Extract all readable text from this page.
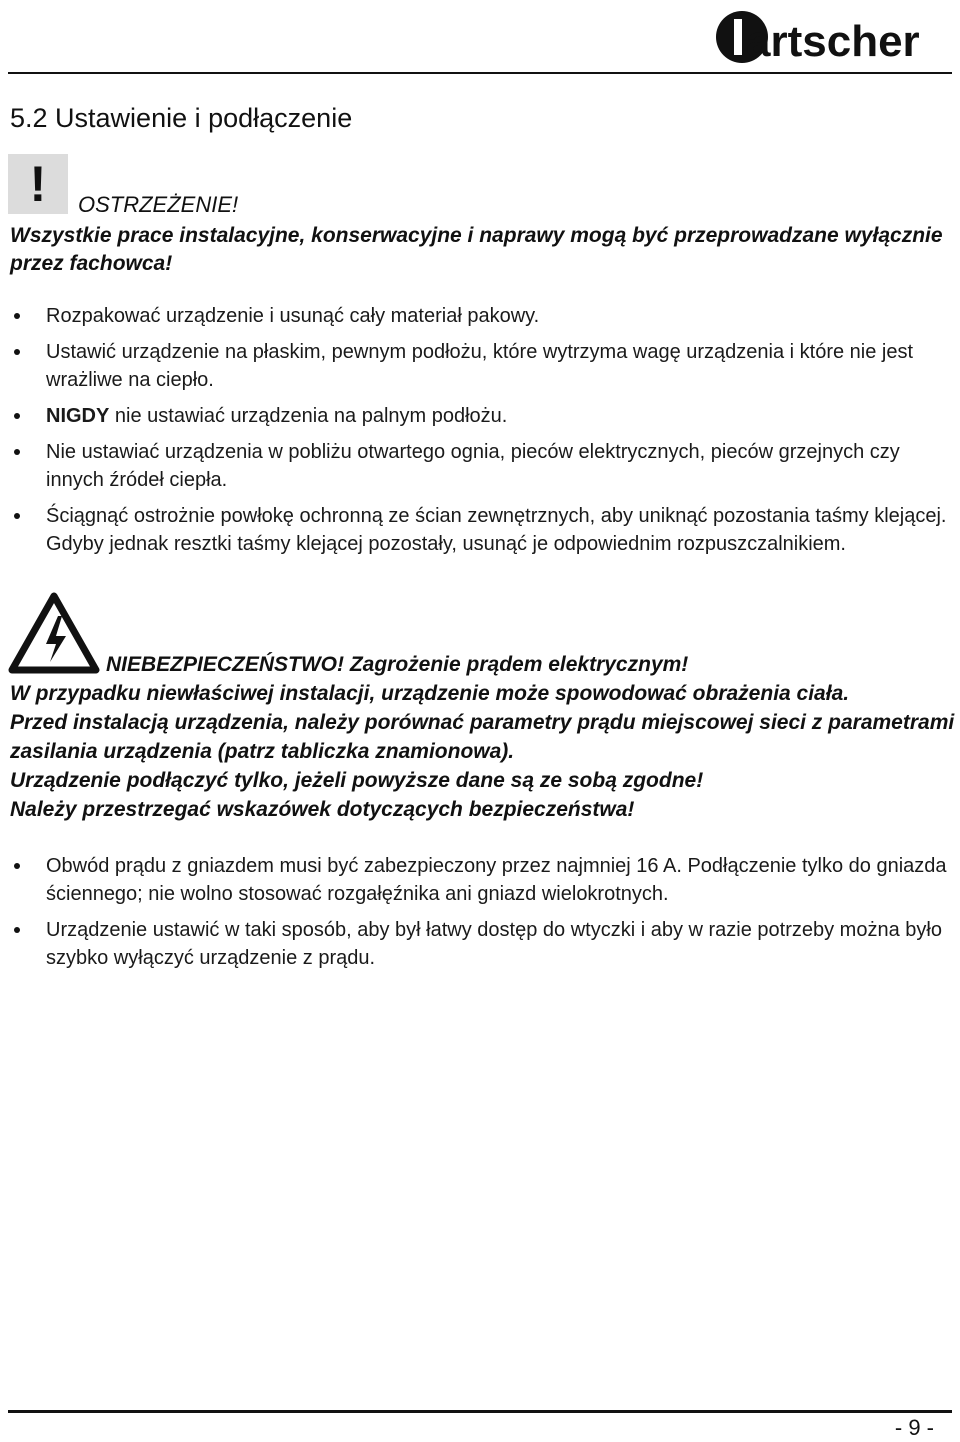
artscher
5.2 Ustawienie i podłączenie
!	OSTRZEŻENIE!
Wszystkie prace instalacyjne, konserwacyjne i naprawy mogą być przeprowadzane wyłącznie przez fachowca!
Rozpakować urządzenie i usunąć cały materiał pakowy.
Ustawić urządzenie na płaskim, pewnym podłożu, które wytrzyma wagę urządzenia i które nie jest wrażliwe na ciepło.
NIGDY nie ustawiać urządzenia na palnym podłożu.
Nie ustawiać urządzenia w pobliżu otwartego ognia, pieców elektrycznych, pieców grzejnych czy innych źródeł ciepła.
Ściągnąć ostrożnie powłokę ochronną ze ścian zewnętrznych, aby uniknąć pozostania taśmy klejącej. Gdyby jednak resztki taśmy klejącej pozostały, usunąć je odpowiednim rozpuszczalnikiem.
NIEBEZPIECZEŃSTWO! Zagrożenie prądem elektrycznym!
W przypadku niewłaściwej instalacji, urządzenie może spowodować obrażenia ciała.
Przed instalacją urządzenia, należy porównać parametry prądu miejscowej sieci z parametrami zasilania urządzenia (patrz tabliczka znamionowa).
Urządzenie podłączyć tylko, jeżeli powyższe dane są ze sobą zgodne!
Należy przestrzegać wskazówek dotyczących bezpieczeństwa!
Obwód prądu z gniazdem musi być zabezpieczony przez najmniej 16 A. Podłączenie tylko do gniazda ściennego; nie wolno stosować rozgałęźnika ani gniazd wielokrotnych.
Urządzenie ustawić w taki sposób, aby był łatwy dostęp do wtyczki i aby w razie potrzeby można było szybko wyłączyć urządzenie z prądu.
- 9 -
